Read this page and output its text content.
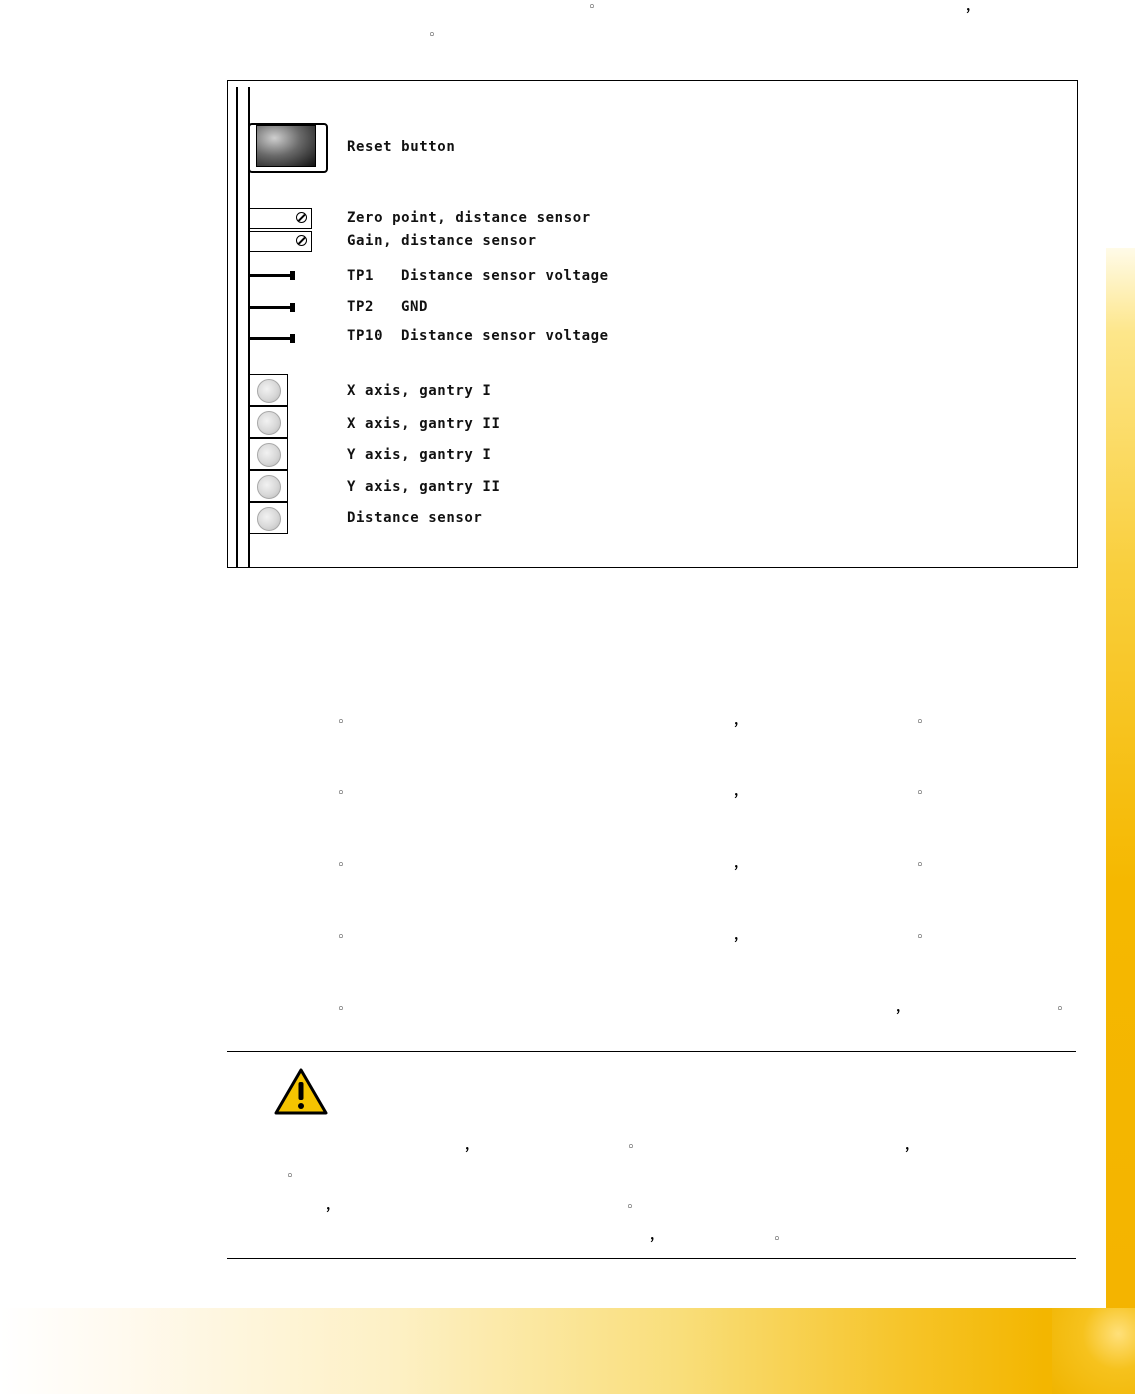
◦	，
◦
Reset button
Zero point, distance sensor
Gain, distance sensor
TP1 Distance sensor voltage
TP2 GND
TP10 Distance sensor voltage
X axis, gantry I
X axis, gantry II
Y axis, gantry I
Y axis, gantry II
Distance sensor
◦	，	◦
◦	，	◦
◦	，	◦
◦	，	◦
◦	，	◦
，	◦	，
◦
，	◦
，	◦
